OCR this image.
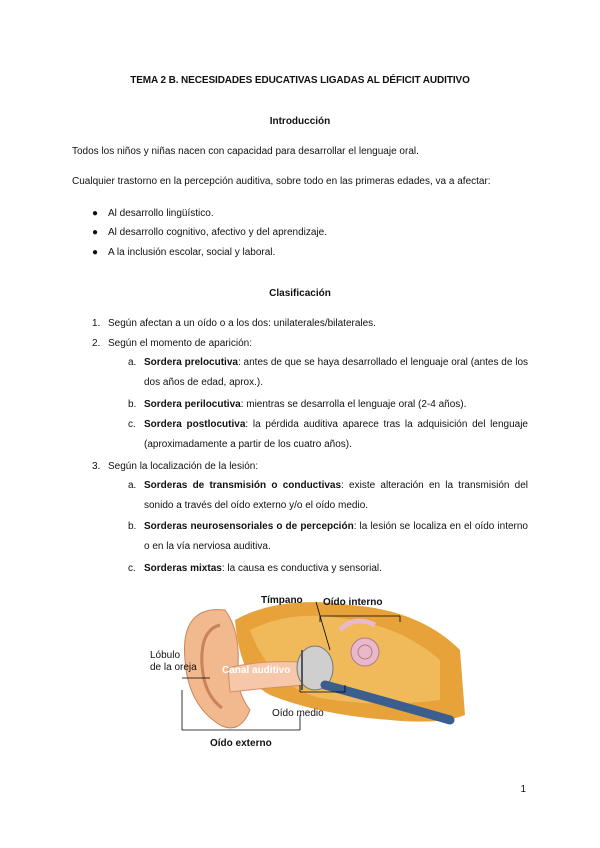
TEMA 2 B. NECESIDADES EDUCATIVAS LIGADAS AL DÉFICIT AUDITIVO
Introducción
Todos los niños y niñas nacen con capacidad para desarrollar el lenguaje oral.
Cualquier trastorno en la percepción auditiva, sobre todo en las primeras edades, va a afectar:
● Al desarrollo lingüístico.
● Al desarrollo cognitivo, afectivo y del aprendizaje.
● A la inclusión escolar, social y laboral.
Clasificación
1. Según afectan a un oído o a los dos: unilaterales/bilaterales.
2. Según el momento de aparición:
a. Sordera prelocutiva: antes de que se haya desarrollado el lenguaje oral (antes de los dos años de edad, aprox.).
b. Sordera perilocutiva: mientras se desarrolla el lenguaje oral (2-4 años).
c. Sordera postlocutiva: la pérdida auditiva aparece tras la adquisición del lenguaje (aproximadamente a partir de los cuatro años).
3. Según la localización de la lesión:
a. Sorderas de transmisión o conductivas: existe alteración en la transmisión del sonido a través del oído externo y/o el oído medio.
b. Sorderas neurosensoriales o de percepción: la lesión se localiza en el oído interno o en la vía nerviosa auditiva.
c. Sorderas mixtas: la causa es conductiva y sensorial.
Tímpano Oído interno
Lóbulo
de la oreja	Canal auditivo
Oído medio
Oído externo
1
